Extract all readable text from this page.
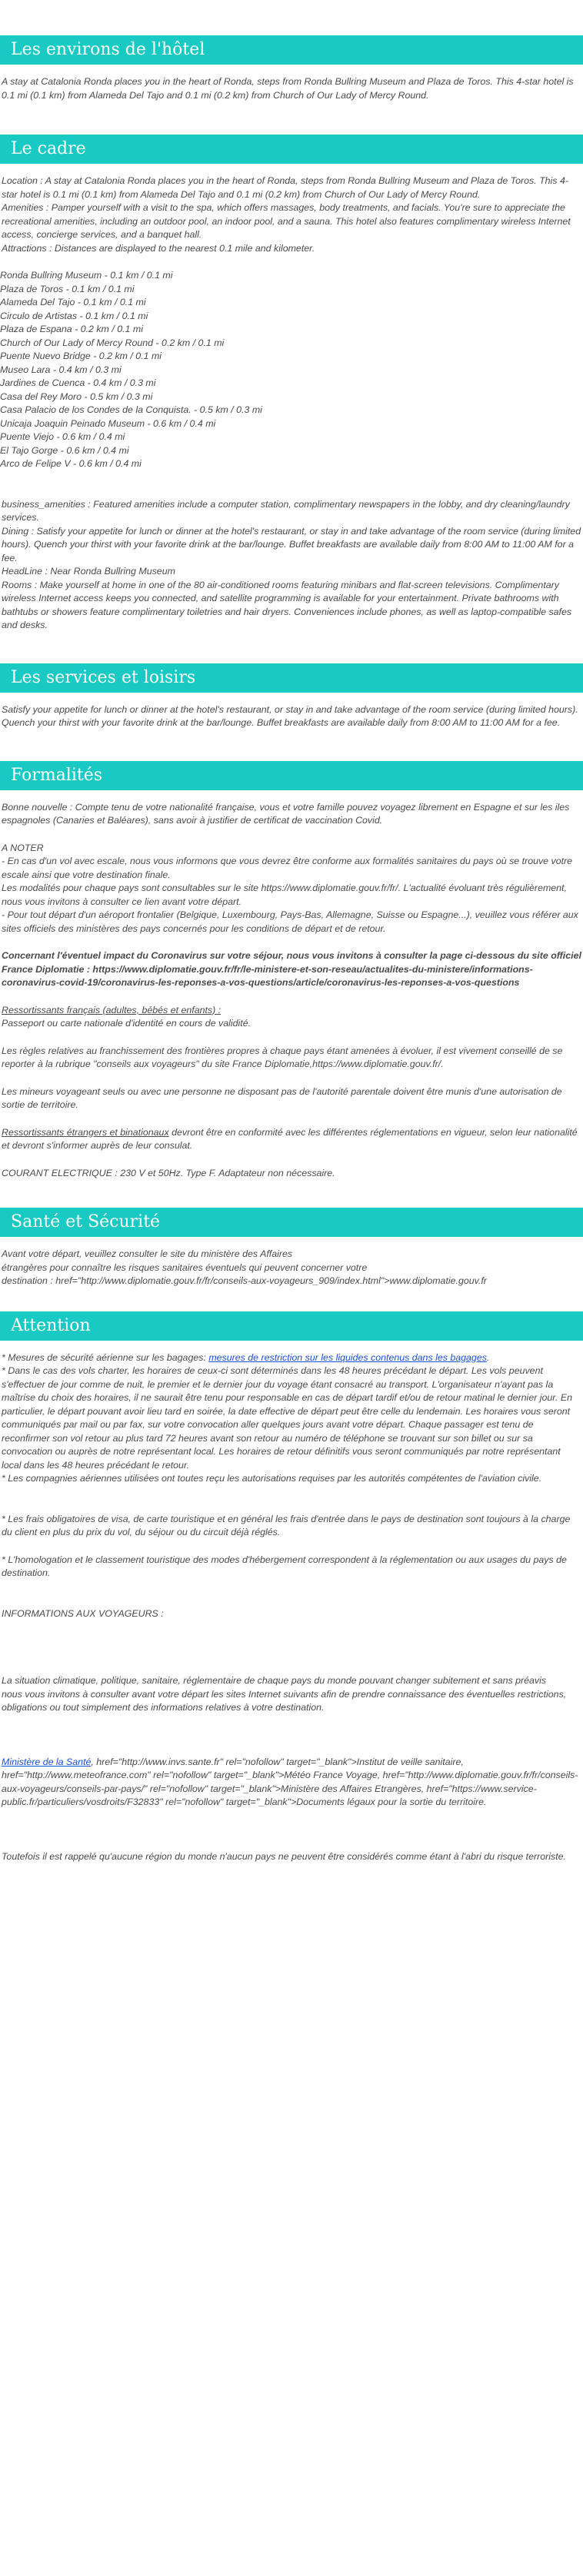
Les environs de l'hôtel

A stay at Catalonia Ronda places you in the heart of Ronda, steps from Ronda Bullring Museum and Plaza de Toros. This 4-star hotel is 0.1 mi (0.1 km) from Alameda Del Tajo and 0.1 mi (0.2 km) from Church of Our Lady of Mercy Round.

Le cadre

Location : A stay at Catalonia Ronda places you in the heart of Ronda, steps from Ronda Bullring Museum and Plaza de Toros. This 4-star hotel is 0.1 mi (0.1 km) from Alameda Del Tajo and 0.1 mi (0.2 km) from Church of Our Lady of Mercy Round.

Amenities : Pamper yourself with a visit to the spa, which offers massages, body treatments, and facials. You're sure to appreciate the recreational amenities, including an outdoor pool, an indoor pool, and a sauna. This hotel also features complimentary wireless Internet access, concierge services, and a banquet hall.

Attractions : Distances are displayed to the nearest 0.1 mile and kilometer.

Ronda Bullring Museum - 0.1 km / 0.1 mi
Plaza de Toros - 0.1 km / 0.1 mi
Alameda Del Tajo - 0.1 km / 0.1 mi
Circulo de Artistas - 0.1 km / 0.1 mi
Plaza de Espana - 0.2 km / 0.1 mi
Church of Our Lady of Mercy Round - 0.2 km / 0.1 mi
Puente Nuevo Bridge - 0.2 km / 0.1 mi
Museo Lara - 0.4 km / 0.3 mi
Jardines de Cuenca - 0.4 km / 0.3 mi
Casa del Rey Moro - 0.5 km / 0.3 mi
Casa Palacio de los Condes de la Conquista. - 0.5 km / 0.3 mi
Unicaja Joaquin Peinado Museum - 0.6 km / 0.4 mi
Puente Viejo - 0.6 km / 0.4 mi
El Tajo Gorge - 0.6 km / 0.4 mi
Arco de Felipe V - 0.6 km / 0.4 mi

business_amenities : Featured amenities include a computer station, complimentary newspapers in the lobby, and dry cleaning/laundry services.

Dining : Satisfy your appetite for lunch or dinner at the hotel's restaurant, or stay in and take advantage of the room service (during limited hours). Quench your thirst with your favorite drink at the bar/lounge. Buffet breakfasts are available daily from 8:00 AM to 11:00 AM for a fee.

HeadLine : Near Ronda Bullring Museum

Rooms : Make yourself at home in one of the 80 air-conditioned rooms featuring minibars and flat-screen televisions. Complimentary wireless Internet access keeps you connected, and satellite programming is available for your entertainment. Private bathrooms with bathtubs or showers feature complimentary toiletries and hair dryers. Conveniences include phones, as well as laptop-compatible safes and desks.

Les services et loisirs

Satisfy your appetite for lunch or dinner at the hotel's restaurant, or stay in and take advantage of the room service (during limited hours). Quench your thirst with your favorite drink at the bar/lounge. Buffet breakfasts are available daily from 8:00 AM to 11:00 AM for a fee.

Formalités

Bonne nouvelle : Compte tenu de votre nationalité française, vous et votre famille pouvez voyagez librement en Espagne et sur les iles espagnoles (Canaries et Baléares), sans avoir à justifier de certificat de vaccination Covid.

A NOTER

- En cas d'un vol avec escale, nous vous informons que vous devrez être conforme aux formalités sanitaires du pays où se trouve votre escale ainsi que votre destination finale.

Les modalités pour chaque pays sont consultables sur le site https://www.diplomatie.gouv.fr/fr/. L'actualité évoluant très régulièrement, nous vous invitons à consulter ce lien avant votre départ.

- Pour tout départ d'un aéroport frontalier (Belgique, Luxembourg, Pays-Bas, Allemagne, Suisse ou Espagne...), veuillez vous référer aux sites officiels des ministères des pays concernés pour les conditions de départ et de retour.

Concernant l'éventuel impact du Coronavirus sur votre séjour, nous vous invitons à consulter la page ci-dessous du site officiel France Diplomatie : https://www.diplomatie.gouv.fr/fr/le-ministere-et-son-reseau/actualites-du-ministere/informations-coronavirus-covid-19/coronavirus-les-reponses-a-vos-questions/article/coronavirus-les-reponses-a-vos-questions

Ressortissants français (adultes, bébés et enfants) :

Passeport ou carte nationale d'identité en cours de validité.

Les règles relatives au franchissement des frontières propres à chaque pays étant amenées à évoluer, il est vivement conseillé de se reporter à la rubrique "conseils aux voyageurs" du site France Diplomatie,https://www.diplomatie.gouv.fr/.

Les mineurs voyageant seuls ou avec une personne ne disposant pas de l'autorité parentale doivent être munis d'une autorisation de sortie de territoire.

Ressortissants étrangers et binationaux devront être en conformité avec les différentes réglementations en vigueur, selon leur nationalité et devront s'informer auprès de leur consulat.

COURANT ELECTRIQUE : 230 V et 50Hz. Type F. Adaptateur non nécessaire.

Santé et Sécurité

Avant votre départ, veuillez consulter le site du ministère des Affaires

étrangères pour connaître les risques sanitaires éventuels qui peuvent concerner votre

destination : href="http://www.diplomatie.gouv.fr/fr/conseils-aux-voyageurs_909/index.html">www.diplomatie.gouv.fr

Attention

* Mesures de sécurité aérienne sur les bagages: mesures de restriction sur les liquides contenus dans les bagages.

* Dans le cas des vols charter, les horaires de ceux-ci sont déterminés dans les 48 heures précédant le départ. Les vols peuvent s'effectuer de jour comme de nuit, le premier et le dernier jour du voyage étant consacré au transport. L'organisateur n'ayant pas la maîtrise du choix des horaires, il ne saurait être tenu pour responsable en cas de départ tardif et/ou de retour matinal le dernier jour. En particulier, le départ pouvant avoir lieu tard en soirée, la date effective de départ peut être celle du lendemain. Les horaires vous seront communiqués par mail ou par fax, sur votre convocation aller quelques jours avant votre départ. Chaque passager est tenu de reconfirmer son vol retour au plus tard 72 heures avant son retour au numéro de téléphone se trouvant sur son billet ou sur sa convocation ou auprès de notre représentant local. Les horaires de retour définitifs vous seront communiqués par notre représentant local dans les 48 heures précédant le retour.

* Les compagnies aériennes utilisées ont toutes reçu les autorisations requises par les autorités compétentes de l'aviation civile.

* Les frais obligatoires de visa, de carte touristique et en général les frais d'entrée dans le pays de destination sont toujours à la charge du client en plus du prix du vol, du séjour ou du circuit déjà réglés.

* L'homologation et le classement touristique des modes d'hébergement correspondent à la réglementation ou aux usages du pays de destination.

INFORMATIONS AUX VOYAGEURS :

La situation climatique, politique, sanitaire, réglementaire de chaque pays du monde pouvant changer subitement et sans préavis

nous vous invitons à consulter avant votre départ les sites Internet suivants afin de prendre connaissance des éventuelles restrictions, obligations ou tout simplement des informations relatives à votre destination.

Ministère de la Santé, href="http://www.invs.sante.fr" rel="nofollow" target="_blank">Institut de veille sanitaire, href="http://www.meteofrance.com" rel="nofollow" target="_blank">Météo France Voyage, href="http://www.diplomatie.gouv.fr/fr/conseils-aux-voyageurs/conseils-par-pays/" rel="nofollow" target="_blank">Ministère des Affaires Etrangères, href="https://www.service-public.fr/particuliers/vosdroits/F32833" rel="nofollow" target="_blank">Documents légaux pour la sortie du territoire.

Toutefois il est rappelé qu'aucune région du monde n'aucun pays ne peuvent être considérés comme étant à l'abri du risque terroriste.
